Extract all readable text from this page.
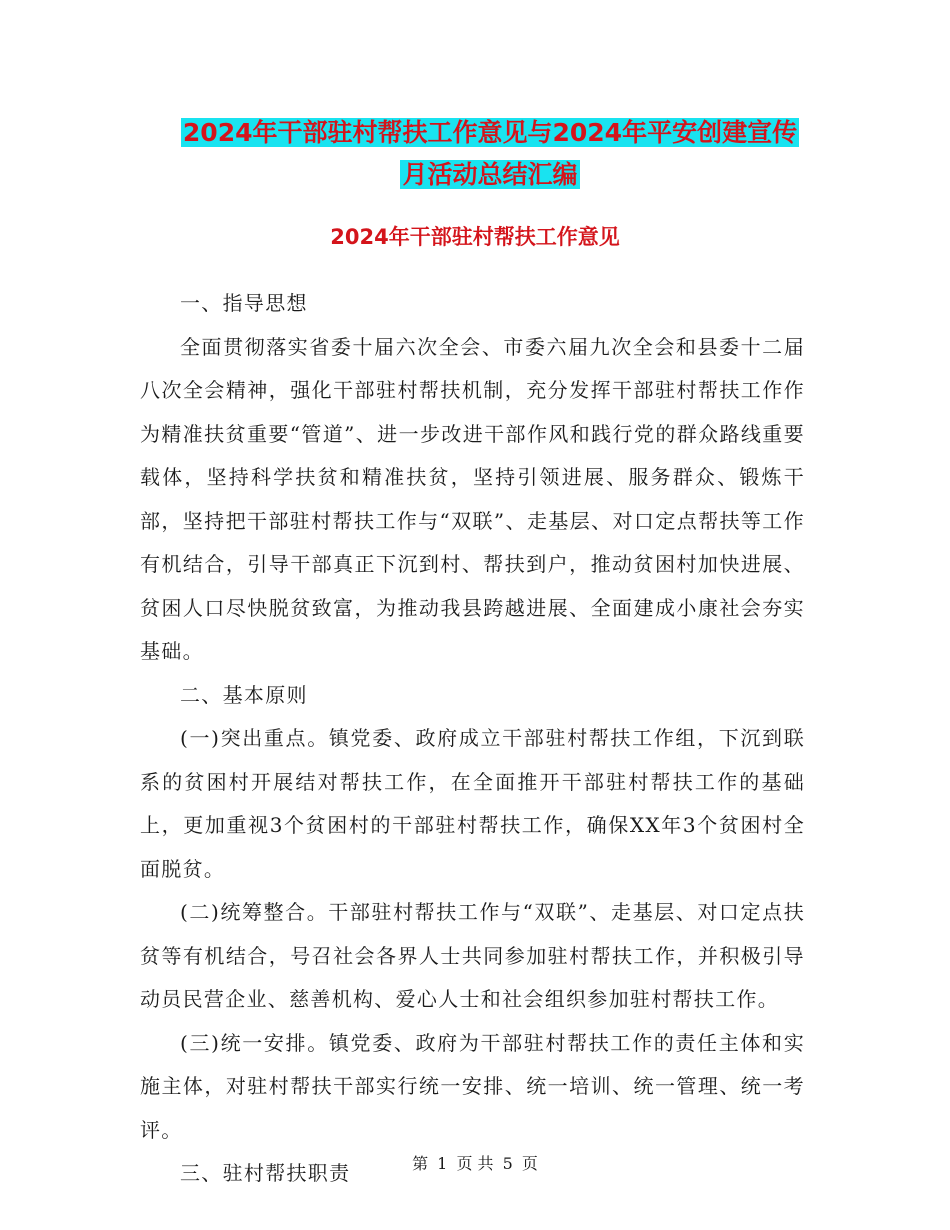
2024年干部驻村帮扶工作意见与2024年平安创建宣传
月活动总结汇编
2024年干部驻村帮扶工作意见

一、指导思想

全面贯彻落实省委十届六次全会、市委六届九次全会和县委十二届八次全会精神，强化干部驻村帮扶机制，充分发挥干部驻村帮扶工作作为精准扶贫重要“管道”、进一步改进干部作风和践行党的群众路线重要载体，坚持科学扶贫和精准扶贫，坚持引领进展、服务群众、锻炼干部，坚持把干部驻村帮扶工作与“双联”、走基层、对口定点帮扶等工作有机结合，引导干部真正下沉到村、帮扶到户，推动贫困村加快进展、贫困人口尽快脱贫致富，为推动我县跨越进展、全面建成小康社会夯实基础。

二、基本原则

(一)突出重点。镇党委、政府成立干部驻村帮扶工作组，下沉到联系的贫困村开展结对帮扶工作，在全面推开干部驻村帮扶工作的基础上，更加重视3个贫困村的干部驻村帮扶工作，确保XX年3个贫困村全面脱贫。

(二)统筹整合。干部驻村帮扶工作与“双联”、走基层、对口定点扶贫等有机结合，号召社会各界人士共同参加驻村帮扶工作，并积极引导动员民营企业、慈善机构、爱心人士和社会组织参加驻村帮扶工作。

(三)统一安排。镇党委、政府为干部驻村帮扶工作的责任主体和实施主体，对驻村帮扶干部实行统一安排、统一培训、统一管理、统一考评。

三、驻村帮扶职责	第 1 页 共 5 页
